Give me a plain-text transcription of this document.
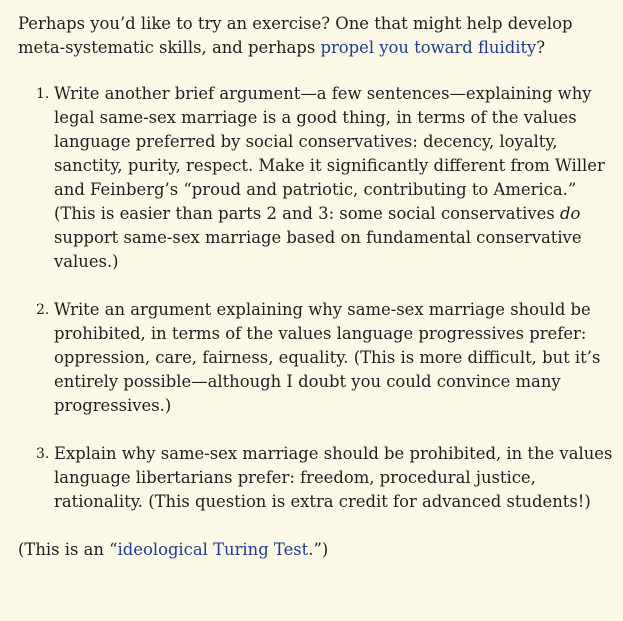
Perhaps you’d like to try an exercise? One that might help develop meta-systematic skills, and perhaps propel you toward fluidity?

1. Write another brief argument—a few sentences—explaining why legal same-sex marriage is a good thing, in terms of the values language preferred by social conservatives: decency, loyalty, sanctity, purity, respect. Make it significantly different from Willer and Feinberg’s “proud and patriotic, contributing to America.” (This is easier than parts 2 and 3: some social conservatives do support same-sex marriage based on fundamental conservative values.)
2. Write an argument explaining why same-sex marriage should be prohibited, in terms of the values language progressives prefer: oppression, care, fairness, equality. (This is more difficult, but it’s entirely possible—although I doubt you could convince many progressives.)
3. Explain why same-sex marriage should be prohibited, in the values language libertarians prefer: freedom, procedural justice, rationality. (This question is extra credit for advanced students!)

(This is an “ideological Turing Test.”)
